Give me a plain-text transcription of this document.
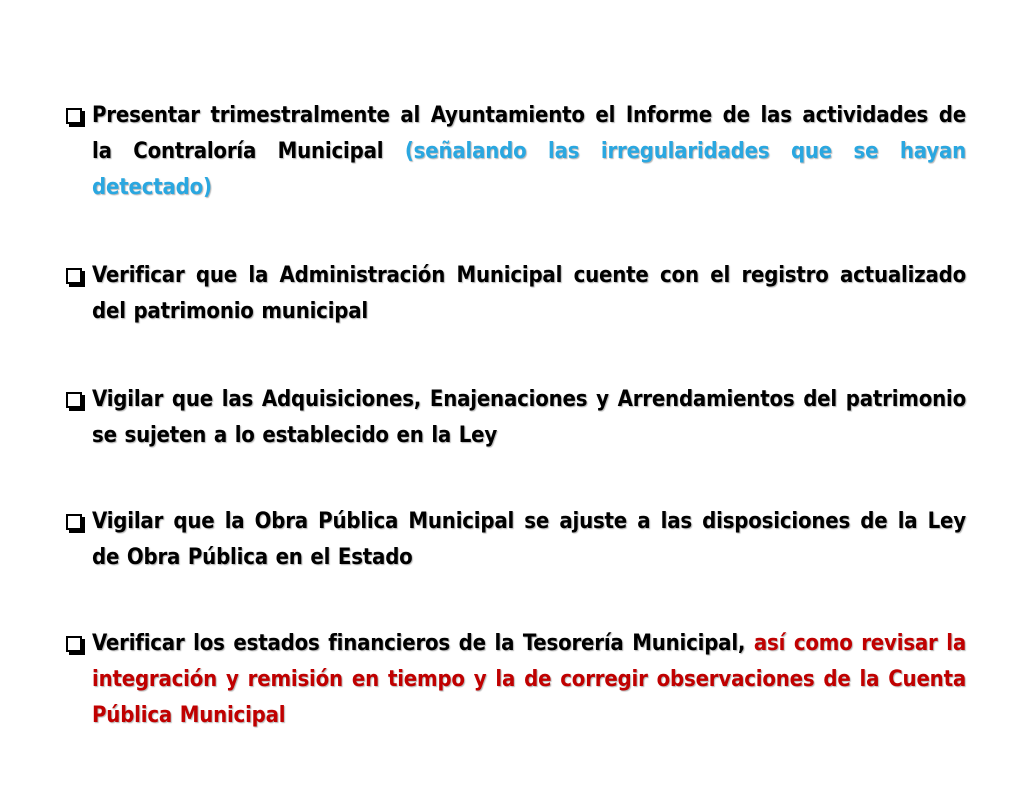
Presentar trimestralmente al Ayuntamiento el Informe de las actividades de la Contraloría Municipal (señalando las irregularidades que se hayan detectado)
Verificar que la Administración Municipal cuente con el registro actualizado del patrimonio municipal
Vigilar que las Adquisiciones, Enajenaciones y Arrendamientos del patrimonio se sujeten a lo establecido en la Ley
Vigilar que la Obra Pública Municipal se ajuste a las disposiciones de la Ley de Obra Pública en el Estado
Verificar los estados financieros de la Tesorería Municipal, así como revisar la integración y remisión en tiempo y la de corregir observaciones de la Cuenta Pública Municipal
